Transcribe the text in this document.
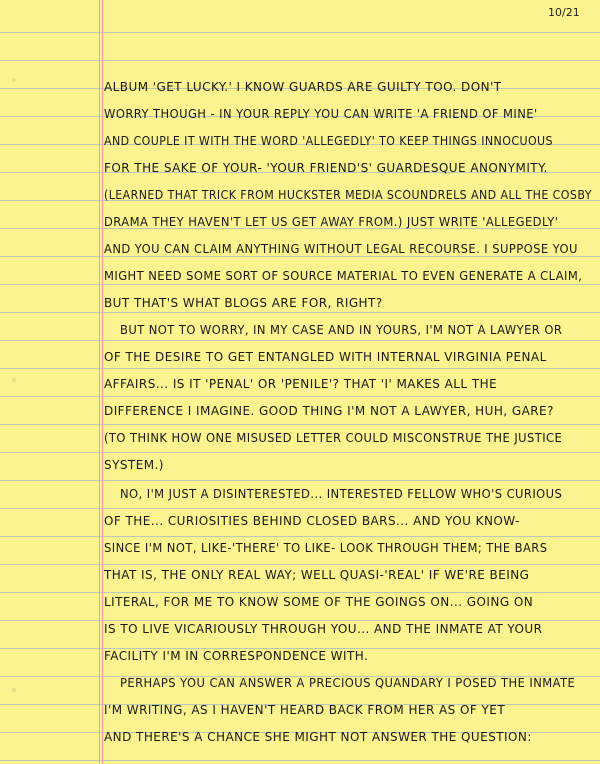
10/21
ALBUM 'GET LUCKY.' I KNOW GUARDS ARE GUILTY TOO. DON'T
WORRY THOUGH - IN YOUR REPLY YOU CAN WRITE 'A FRIEND OF MINE'
AND COUPLE IT WITH THE WORD 'ALLEGEDLY' TO KEEP THINGS INNOCUOUS
FOR THE SAKE OF YOUR- 'YOUR FRIEND'S' GUARDESQUE ANONYMITY.
(LEARNED THAT TRICK FROM HUCKSTER MEDIA SCOUNDRELS AND ALL THE COSBY
DRAMA THEY HAVEN'T LET US GET AWAY FROM.) JUST WRITE 'ALLEGEDLY'
AND YOU CAN CLAIM ANYTHING WITHOUT LEGAL RECOURSE. I SUPPOSE YOU
MIGHT NEED SOME SORT OF SOURCE MATERIAL TO EVEN GENERATE A CLAIM,
BUT THAT'S WHAT BLOGS ARE FOR, RIGHT?
BUT NOT TO WORRY, IN MY CASE AND IN YOURS, I'M NOT A LAWYER OR
OF THE DESIRE TO GET ENTANGLED WITH INTERNAL VIRGINIA PENAL
AFFAIRS... IS IT 'PENAL' OR 'PENILE'? THAT 'I' MAKES ALL THE
DIFFERENCE I IMAGINE. GOOD THING I'M NOT A LAWYER, HUH, GARE?
(TO THINK HOW ONE MISUSED LETTER COULD MISCONSTRUE THE JUSTICE
SYSTEM.)
NO, I'M JUST A DISINTERESTED... INTERESTED FELLOW WHO'S CURIOUS
OF THE... CURIOSITIES BEHIND CLOSED BARS... AND YOU KNOW-
SINCE I'M NOT, LIKE-'THERE' TO LIKE- LOOK THROUGH THEM; THE BARS
THAT IS, THE ONLY REAL WAY; WELL QUASI-'REAL' IF WE'RE BEING
LITERAL, FOR ME TO KNOW SOME OF THE GOINGS ON... GOING ON
IS TO LIVE VICARIOUSLY THROUGH YOU... AND THE INMATE AT YOUR
FACILITY I'M IN CORRESPONDENCE WITH.
PERHAPS YOU CAN ANSWER A PRECIOUS QUANDARY I POSED THE INMATE
I'M WRITING, AS I HAVEN'T HEARD BACK FROM HER AS OF YET
AND THERE'S A CHANCE SHE MIGHT NOT ANSWER THE QUESTION:
